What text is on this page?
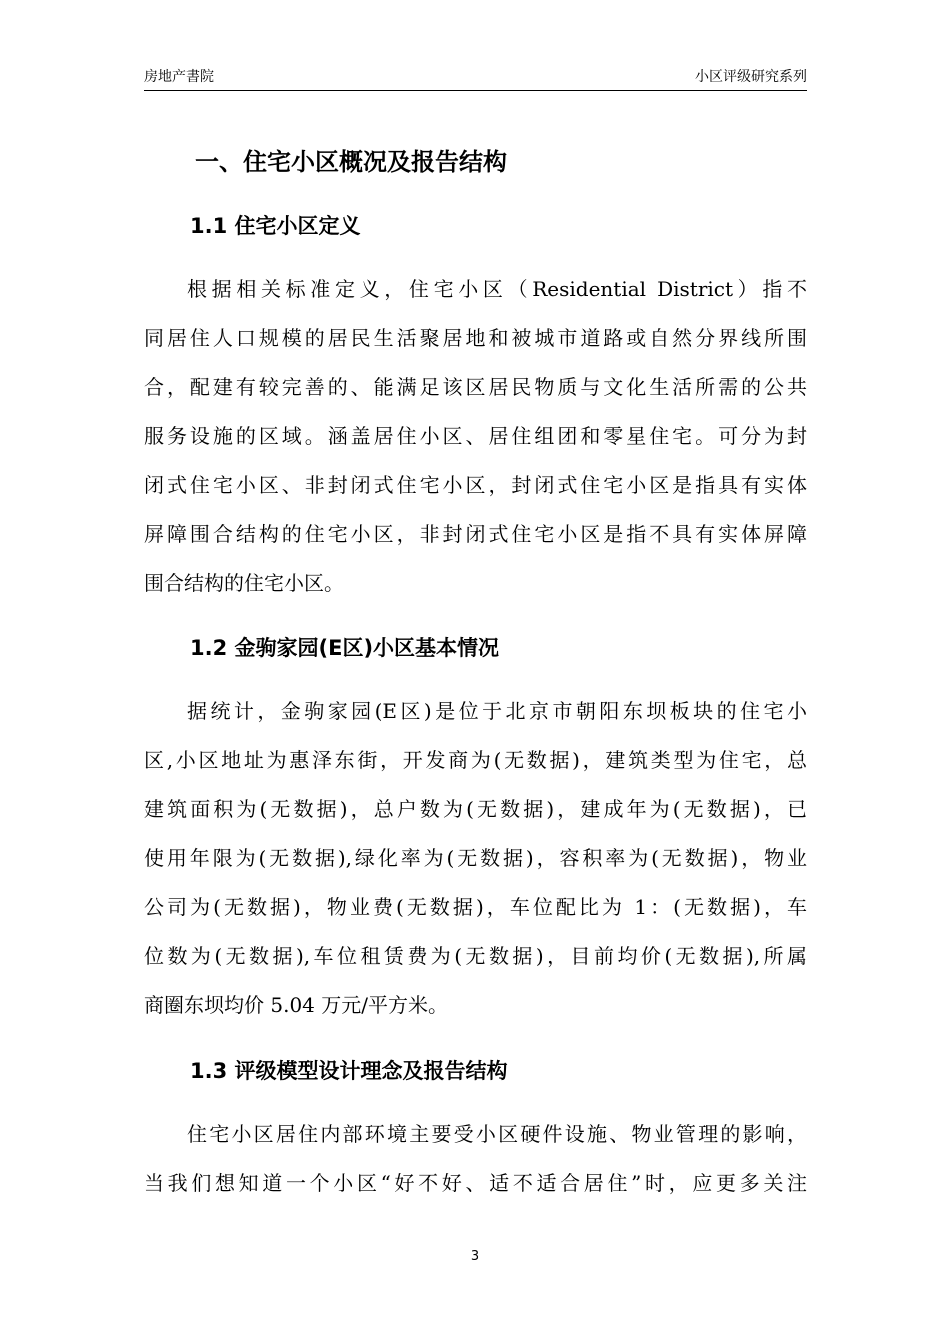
房地产書院	小区评级研究系列
一、住宅小区概况及报告结构
1.1 住宅小区定义
根据相关标准定义，住宅小区（Residential District）指不
同居住人口规模的居民生活聚居地和被城市道路或自然分界线所围
合，配建有较完善的、能满足该区居民物质与文化生活所需的公共
服务设施的区域。涵盖居住小区、居住组团和零星住宅。可分为封
闭式住宅小区、非封闭式住宅小区，封闭式住宅小区是指具有实体
屏障围合结构的住宅小区，非封闭式住宅小区是指不具有实体屏障
围合结构的住宅小区。
1.2 金驹家园(E区)小区基本情况
据统计，金驹家园(E区)是位于北京市朝阳东坝板块的住宅小
区,小区地址为惠泽东街，开发商为(无数据)，建筑类型为住宅，总
建筑面积为(无数据)，总户数为(无数据)，建成年为(无数据)，已
使用年限为(无数据),绿化率为(无数据)，容积率为(无数据)，物业
公司为(无数据)，物业费(无数据)，车位配比为 1：(无数据)，车
位数为(无数据),车位租赁费为(无数据)，目前均价(无数据),所属
商圈东坝均价 5.04 万元/平方米。
1.3 评级模型设计理念及报告结构
住宅小区居住内部环境主要受小区硬件设施、物业管理的影响，
当我们想知道一个小区“好不好、适不适合居住”时，应更多关注
3
